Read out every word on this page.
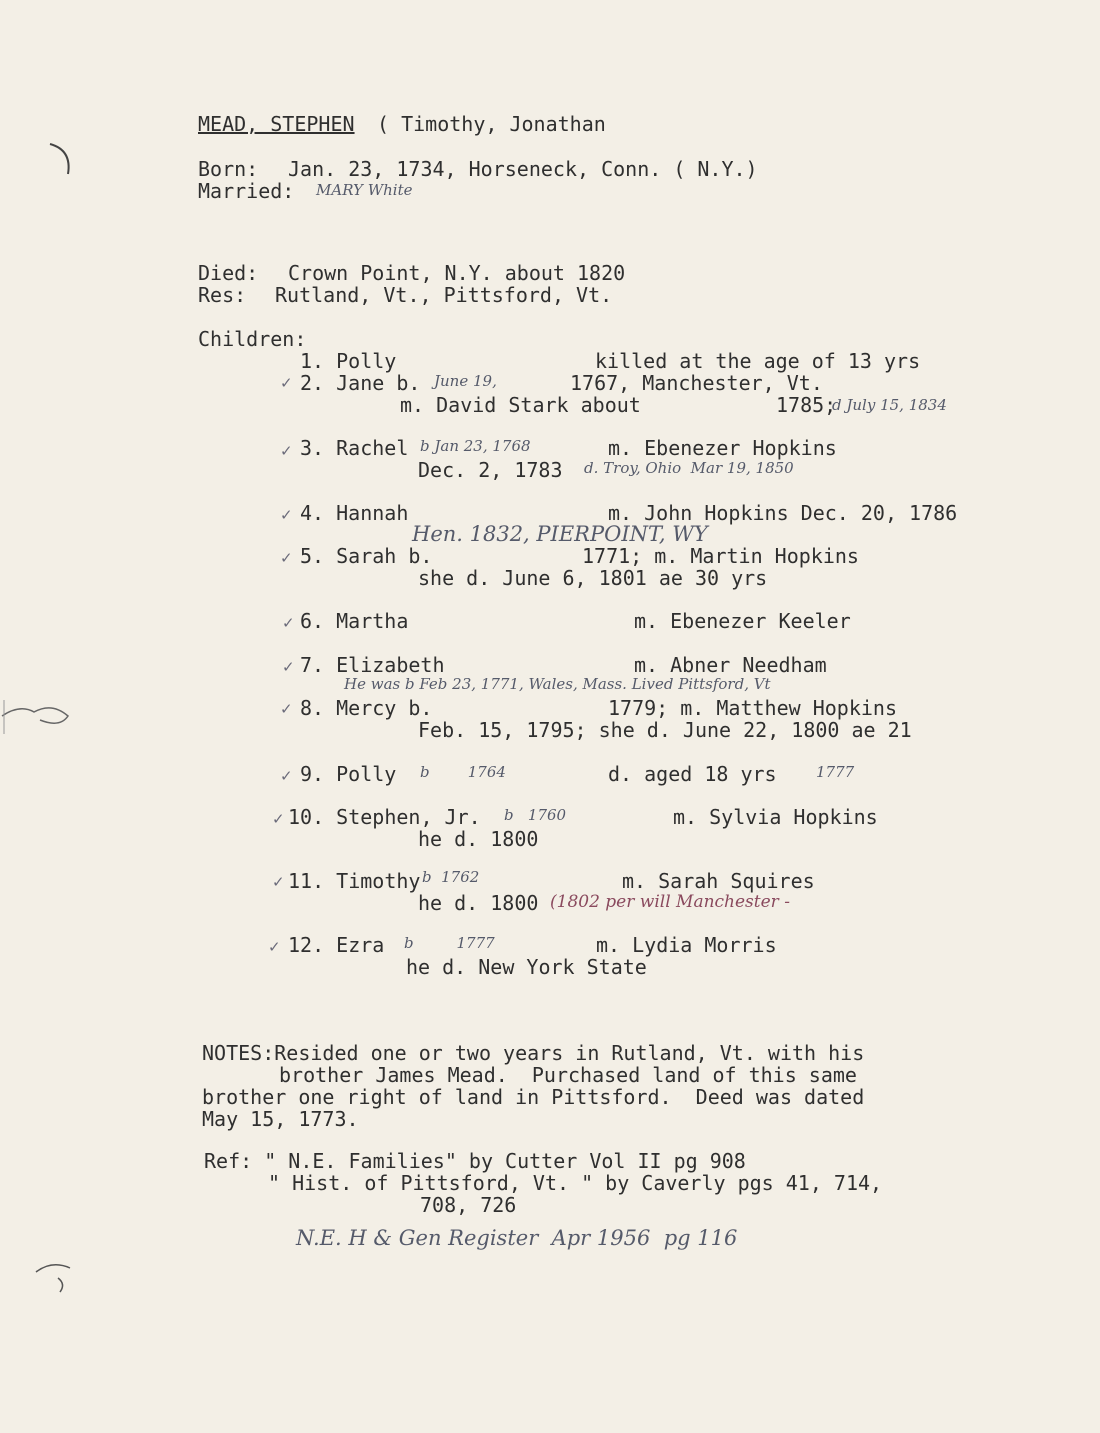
MEAD, STEPHEN ( Timothy, Jonathan
Born: Jan. 23, 1734, Horseneck, Conn. ( N.Y.)
Married: MARY White
Died: Crown Point, N.Y. about 1820
Res: Rutland, Vt., Pittsford, Vt.
Children:
1. Polly	killed at the age of 13 yrs
✓ 2. Jane b. June 19,	1767, Manchester, Vt.
m. David Stark about	1785;
d July 15, 1834
✓ 3. Rachel b Jan 23, 1768	m. Ebenezer Hopkins
Dec. 2, 1783 d. Troy, Ohio  Mar 19, 1850
✓ 4. Hannah	m. John Hopkins Dec. 20, 1786
Hen. 1832, PIERPOINT, WY
✓ 5. Sarah b.	1771; m. Martin Hopkins
she d. June 6, 1801 ae 30 yrs
✓ 6. Martha	m. Ebenezer Keeler
✓ 7. Elizabeth	m. Abner Needham
He was b Feb 23, 1771, Wales, Mass. Lived Pittsford, Vt
✓ 8. Mercy b.	1779; m. Matthew Hopkins
Feb. 15, 1795; she d. June 22, 1800 ae 21
✓ 9. Polly b        1764	d. aged 18 yrs	1777
✓ 10. Stephen, Jr. b   1760	m. Sylvia Hopkins
he d. 1800
✓ 11. Timothy b  1762	m. Sarah Squires
he d. 1800 (1802 per will Manchester -
✓ 12. Ezra b         1777	m. Lydia Morris
he d. New York State
NOTES:Resided one or two years in Rutland, Vt. with his
brother James Mead.  Purchased land of this same
brother one right of land in Pittsford.  Deed was dated
May 15, 1773.
Ref: " N.E. Families" by Cutter Vol II pg 908
" Hist. of Pittsford, Vt. " by Caverly pgs 41, 714,
708, 726
N.E. H & Gen Register  Apr 1956  pg 116
